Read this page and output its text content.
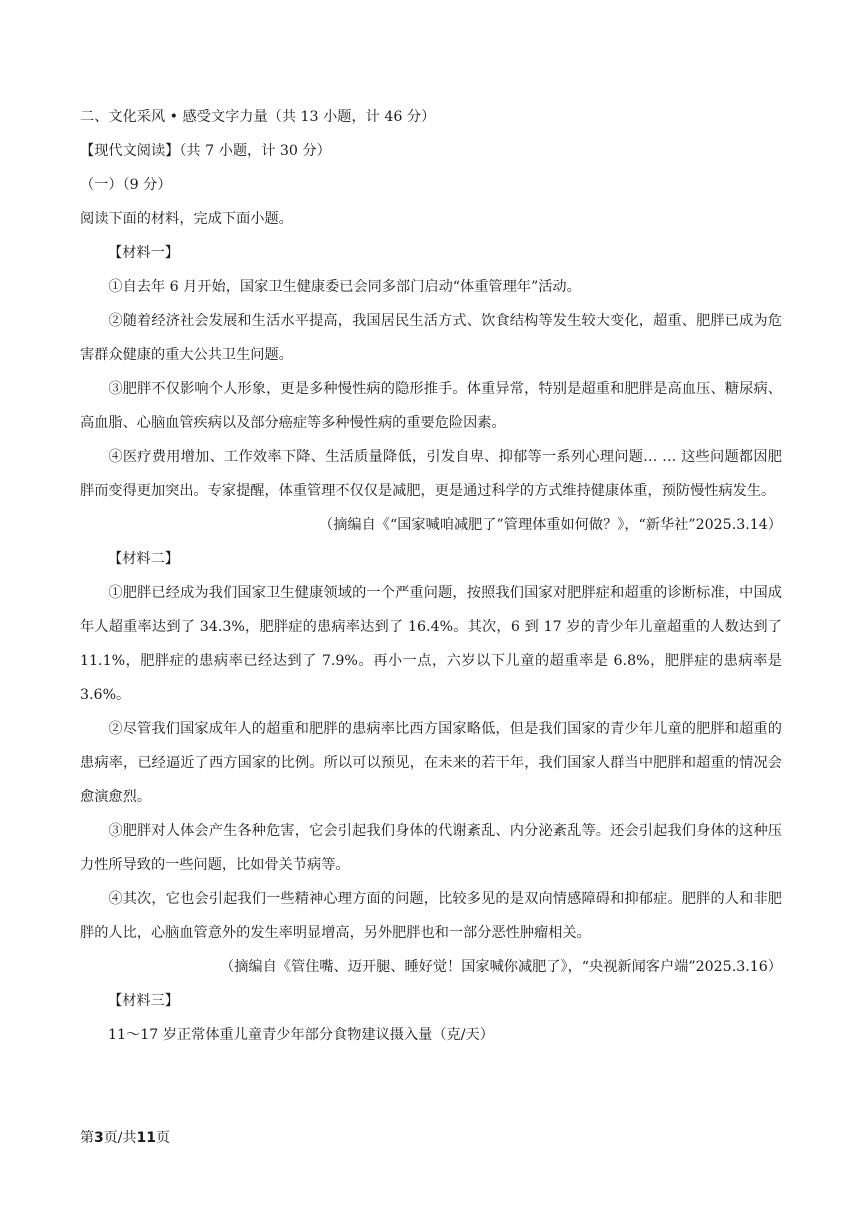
二、文化采风 • 感受文字力量（共 13 小题，计 46 分）
【现代文阅读】（共 7 小题，计 30 分）
（一）（9 分）
阅读下面的材料，完成下面小题。
【材料一】

①自去年 6 月开始，国家卫生健康委已会同多部门启动“体重管理年”活动。

②随着经济社会发展和生活水平提高，我国居民生活方式、饮食结构等发生较大变化，超重、肥胖已成为危害群众健康的重大公共卫生问题。

③肥胖不仅影响个人形象，更是多种慢性病的隐形推手。体重异常，特别是超重和肥胖是高血压、糖尿病、高血脂、心脑血管疾病以及部分癌症等多种慢性病的重要危险因素。

④医疗费用增加、工作效率下降、生活质量降低，引发自卑、抑郁等一系列心理问题… … 这些问题都因肥胖而变得更加突出。专家提醒，体重管理不仅仅是减肥，更是通过科学的方式维持健康体重，预防慢性病发生。

（摘编自《“国家喊咱减肥了”管理体重如何做？》，“新华社”2025.3.14）
【材料二】

①肥胖已经成为我们国家卫生健康领域的一个严重问题，按照我们国家对肥胖症和超重的诊断标准，中国成年人超重率达到了 34.3%，肥胖症的患病率达到了 16.4%。其次，6 到 17 岁的青少年儿童超重的人数达到了 11.1%，肥胖症的患病率已经达到了 7.9%。再小一点，六岁以下儿童的超重率是 6.8%，肥胖症的患病率是 3.6%。

②尽管我们国家成年人的超重和肥胖的患病率比西方国家略低，但是我们国家的青少年儿童的肥胖和超重的患病率，已经逼近了西方国家的比例。所以可以预见，在未来的若干年，我们国家人群当中肥胖和超重的情况会愈演愈烈。

③肥胖对人体会产生各种危害，它会引起我们身体的代谢紊乱、内分泌紊乱等。还会引起我们身体的这种压力性所导致的一些问题，比如骨关节病等。

④其次，它也会引起我们一些精神心理方面的问题，比较多见的是双向情感障碍和抑郁症。肥胖的人和非肥胖的人比，心脑血管意外的发生率明显增高，另外肥胖也和一部分恶性肿瘤相关。

（摘编自《管住嘴、迈开腿、睡好觉！国家喊你减肥了》，“央视新闻客户端”2025.3.16）
【材料三】
11～17 岁正常体重儿童青少年部分食物建议摄入量（克/天）
第3页/共11页
